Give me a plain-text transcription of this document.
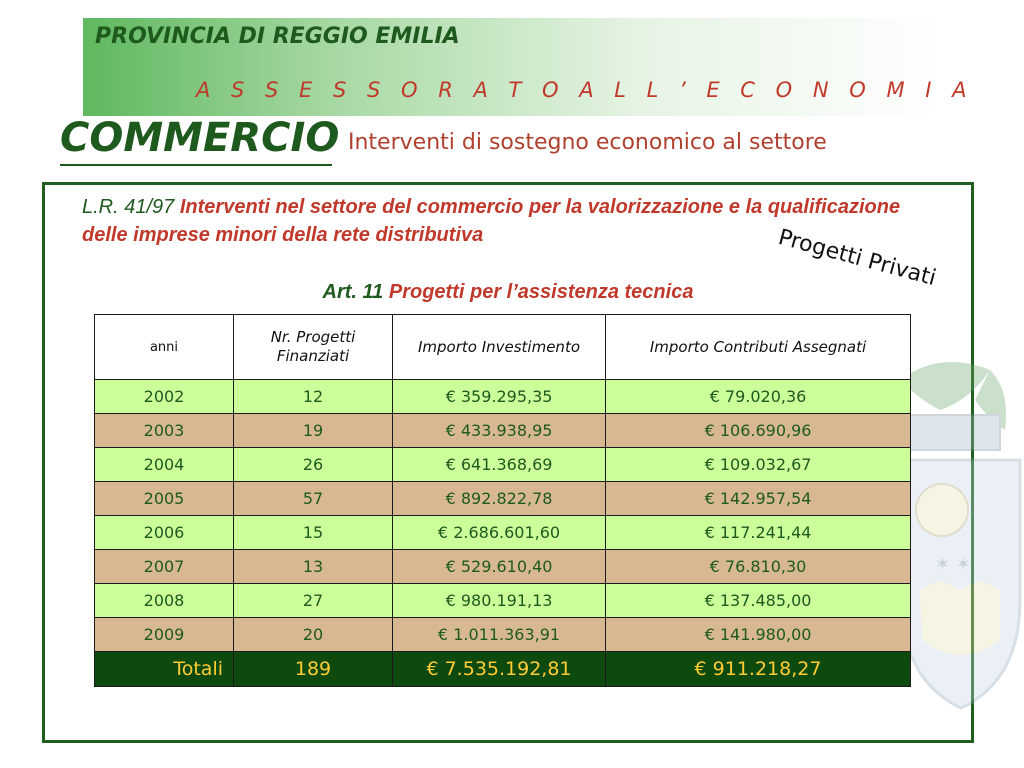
PROVINCIA DI REGGIO EMILIA
A S S E S S O R A T O A L L ’ E C O N O M I A
COMMERCIO Interventi di sostegno economico al settore
✶ ✶

L.R. 41/97 Interventi nel settore del commercio per la valorizzazione e la qualificazione delle imprese minori della rete distributiva	Progetti Privati

Art. 11 Progetti per l’assistenza tecnica

anni	Nr. Progetti Finanziati	Importo Investimento	Importo Contributi Assegnati
2002	12	€ 359.295,35	€ 79.020,36
2003	19	€ 433.938,95	€ 106.690,96
2004	26	€ 641.368,69	€ 109.032,67
2005	57	€ 892.822,78	€ 142.957,54
2006	15	€ 2.686.601,60	€ 117.241,44
2007	13	€ 529.610,40	€ 76.810,30
2008	27	€ 980.191,13	€ 137.485,00
2009	20	€ 1.011.363,91	€ 141.980,00
Totali	189	€ 7.535.192,81	€ 911.218,27
